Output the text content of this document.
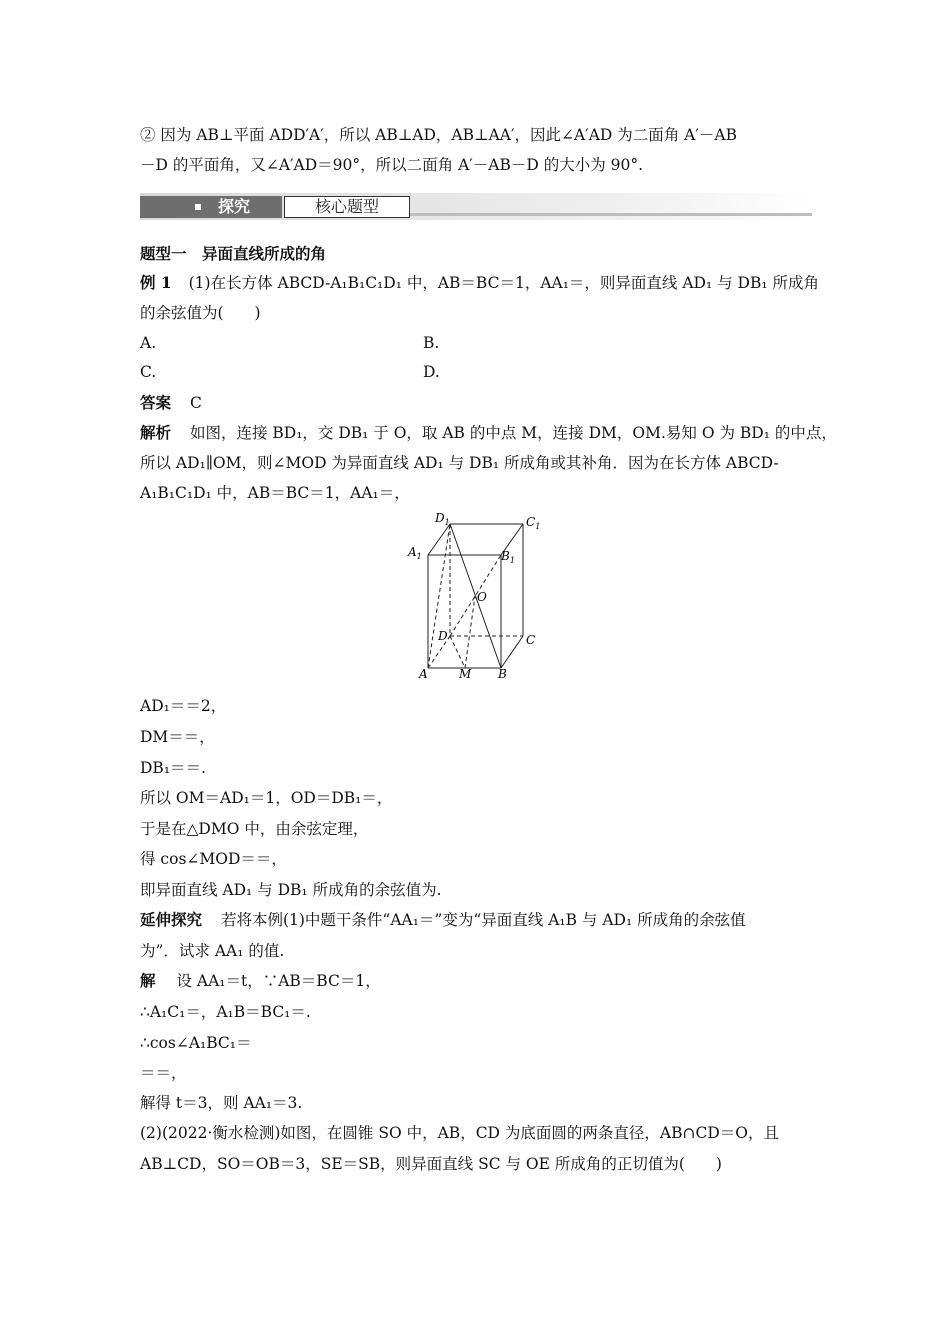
② 因为 AB⊥平面 ADD′A′，所以 AB⊥AD，AB⊥AA′，因此∠A′AD 为二面角 A′－AB
－D 的平面角，又∠A′AD＝90°，所以二面角 A′－AB－D 的大小为 90°.
探究	核心题型
题型一　异面直线所成的角
例 1 (1)在长方体 ABCD-A₁B₁C₁D₁ 中，AB＝BC＝1，AA₁＝，则异面直线 AD₁ 与 DB₁ 所成角
的余弦值为(　　)
A.	B.
C.	D.
答案 C
解析 如图，连接 BD₁，交 DB₁ 于 O，取 AB 的中点 M，连接 DM，OM.易知 O 为 BD₁ 的中点，
所以 AD₁∥OM，则∠MOD 为异面直线 AD₁ 与 DB₁ 所成角或其补角．因为在长方体 ABCD-
A₁B₁C₁D₁ 中，AB＝BC＝1，AA₁＝，
$D_1$	$C_1$
$A_1$	$B_1$
O
D	C
A	M B
AD₁＝＝2，
DM＝＝，
DB₁＝＝.
所以 OM＝AD₁＝1，OD＝DB₁＝，
于是在△DMO 中，由余弦定理，
得 cos∠MOD＝＝，
即异面直线 AD₁ 与 DB₁ 所成角的余弦值为.
延伸探究 若将本例(1)中题干条件“AA₁＝”变为“异面直线 A₁B 与 AD₁ 所成角的余弦值
为”．试求 AA₁ 的值.
解 设 AA₁＝t，∵AB＝BC＝1，
∴A₁C₁＝，A₁B＝BC₁＝.
∴cos∠A₁BC₁＝
＝＝，
解得 t＝3，则 AA₁＝3.
(2)(2022·衡水检测)如图，在圆锥 SO 中，AB，CD 为底面圆的两条直径，AB∩CD＝O，且
AB⊥CD，SO＝OB＝3，SE＝SB，则异面直线 SC 与 OE 所成角的正切值为(　　)
